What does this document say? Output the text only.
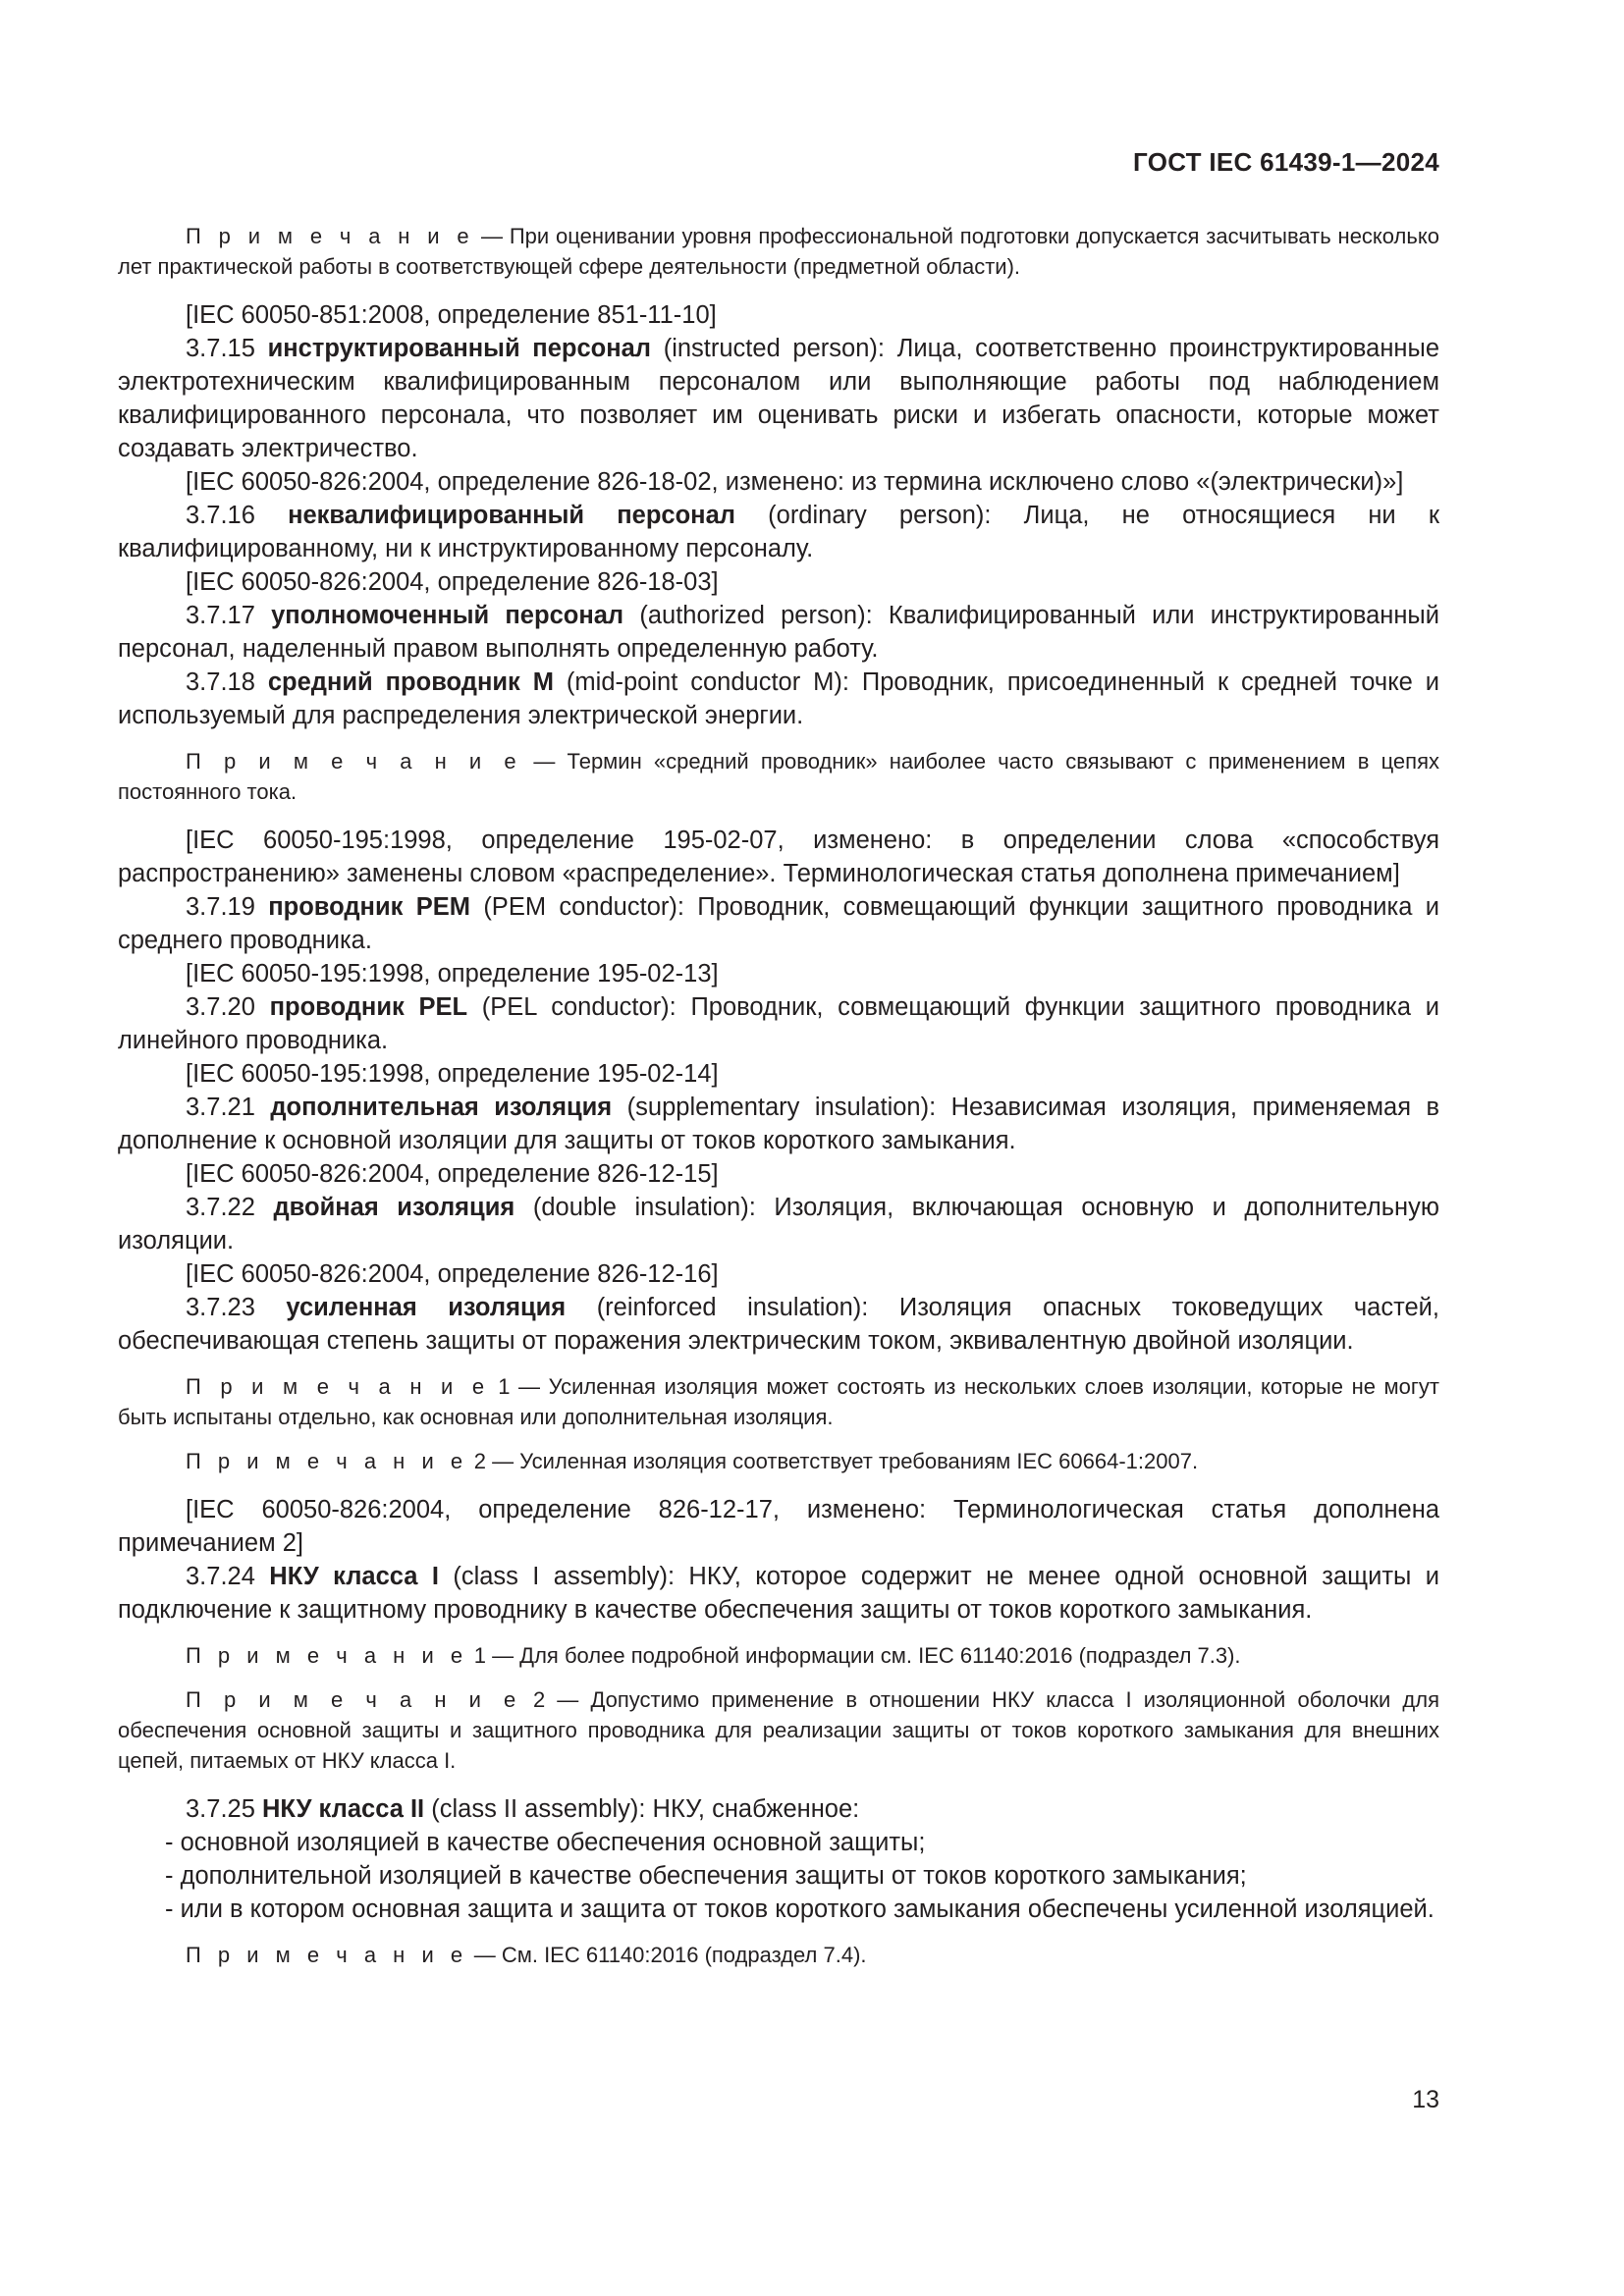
ГОСТ IEC 61439-1—2024

П р и м е ч а н и е — При оценивании уровня профессиональной подготовки допускается засчитывать несколько лет практической работы в соответствующей сфере деятельности (предметной области).

[IEC 60050-851:2008, определение 851-11-10]

3.7.15 инструктированный персонал (instructed person): Лица, соответственно проинструктированные электротехническим квалифицированным персоналом или выполняющие работы под наблюдением квалифицированного персонала, что позволяет им оценивать риски и избегать опасности, которые может создавать электричество.

[IEC 60050-826:2004, определение 826-18-02, изменено: из термина исключено слово «(электрически)»]

3.7.16 неквалифицированный персонал (ordinary person): Лица, не относящиеся ни к квалифицированному, ни к инструктированному персоналу.

[IEC 60050-826:2004, определение 826-18-03]

3.7.17 уполномоченный персонал (authorized person): Квалифицированный или инструктированный персонал, наделенный правом выполнять определенную работу.

3.7.18 средний проводник M (mid-point conductor M): Проводник, присоединенный к средней точке и используемый для распределения электрической энергии.

П р и м е ч а н и е — Термин «средний проводник» наиболее часто связывают с применением в цепях постоянного тока.

[IEC 60050-195:1998, определение 195-02-07, изменено: в определении слова «способствуя распространению» заменены словом «распределение». Терминологическая статья дополнена примечанием]

3.7.19 проводник PEM (PEM conductor): Проводник, совмещающий функции защитного проводника и среднего проводника.

[IEC 60050-195:1998, определение 195-02-13]

3.7.20 проводник PEL (PEL conductor): Проводник, совмещающий функции защитного проводника и линейного проводника.

[IEC 60050-195:1998, определение 195-02-14]

3.7.21 дополнительная изоляция (supplementary insulation): Независимая изоляция, применяемая в дополнение к основной изоляции для защиты от токов короткого замыкания.

[IEC 60050-826:2004, определение 826-12-15]

3.7.22 двойная изоляция (double insulation): Изоляция, включающая основную и дополнительную изоляции.

[IEC 60050-826:2004, определение 826-12-16]

3.7.23 усиленная изоляция (reinforced insulation): Изоляция опасных токоведущих частей, обеспечивающая степень защиты от поражения электрическим током, эквивалентную двойной изоляции.

П р и м е ч а н и е 1 — Усиленная изоляция может состоять из нескольких слоев изоляции, которые не могут быть испытаны отдельно, как основная или дополнительная изоляция.

П р и м е ч а н и е 2 — Усиленная изоляция соответствует требованиям IEC 60664-1:2007.

[IEC 60050-826:2004, определение 826-12-17, изменено: Терминологическая статья дополнена примечанием 2]

3.7.24 НКУ класса I (class I assembly): НКУ, которое содержит не менее одной основной защиты и подключение к защитному проводнику в качестве обеспечения защиты от токов короткого замыкания.

П р и м е ч а н и е 1 — Для более подробной информации см. IEC 61140:2016 (подраздел 7.3).

П р и м е ч а н и е 2 — Допустимо применение в отношении НКУ класса I изоляционной оболочки для обеспечения основной защиты и защитного проводника для реализации защиты от токов короткого замыкания для внешних цепей, питаемых от НКУ класса I.

3.7.25 НКУ класса II (class II assembly): НКУ, снабженное:

- основной изоляцией в качестве обеспечения основной защиты;

- дополнительной изоляцией в качестве обеспечения защиты от токов короткого замыкания;

- или в котором основная защита и защита от токов короткого замыкания обеспечены усиленной изоляцией.

П р и м е ч а н и е — См. IEC 61140:2016 (подраздел 7.4).

13
